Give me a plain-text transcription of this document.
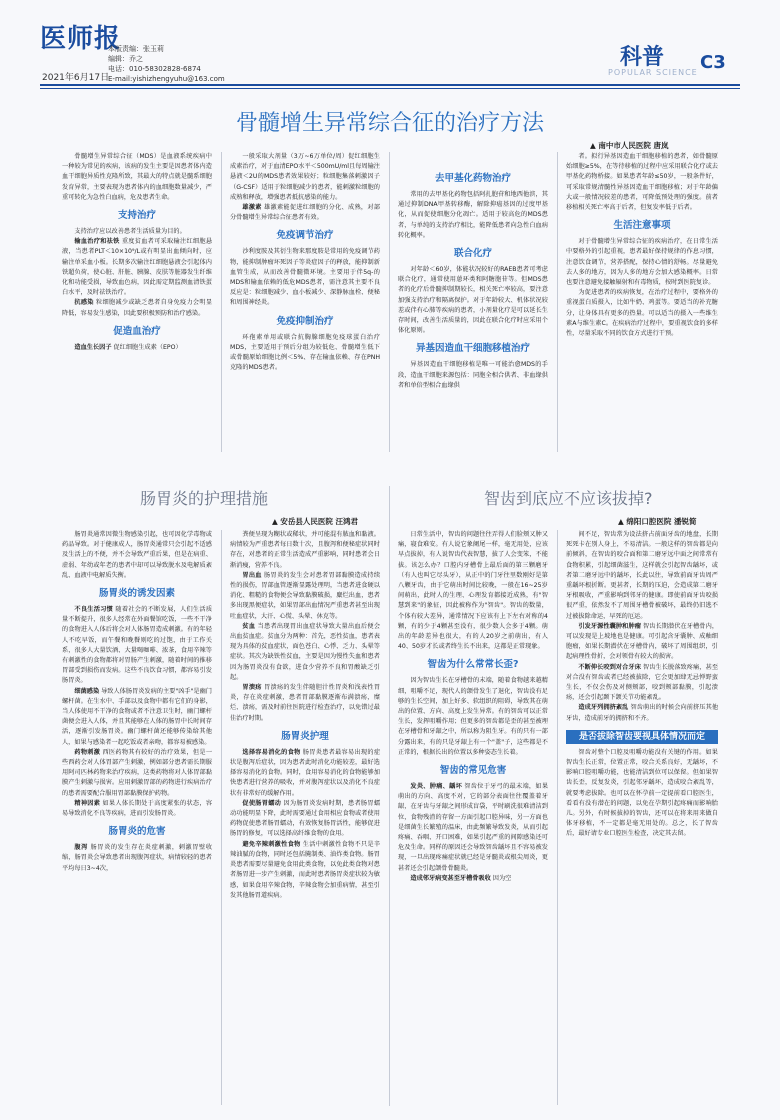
医师报
2021年6月17日
本版责编：张玉莉
编辑：乔之
电话：010-58302828-6874
E-mail:yishizhengyuhu@163.com
科普
POPULAR SCIENCE C3
骨髓增生异常综合征的治疗方法
▲ 南中市人民医院 唐岚

骨髓增生异常综合征（MDS）是血液系统疾病中一种较为常见的疾病，该病的发生主要是因患者体内造血干细胞异质性克隆所致，其最大的特点就是髓系细胞发育异常，主要表现为患者体内的血细胞数量减少，严重可转化为急性白血病，危及患者生命。

支持治疗

支持治疗应以改善患者生活质量为目的。

输血治疗和祛铁 重度贫血者可采取输注红细胞悬液，当患者PLT＜10×10⁹/L或有明显出血倾向时，应输注单采血小板。长期多次输注红细胞悬液会引起体内铁超负荷，使心脏、肝脏、胰腺、皮肤等脏器发生纤维化和功能受损，导致血色病，因此需定期监测血清铁蛋白水平，及时祛铁治疗。

抗感染 粒细胞减少或缺乏患者自身免疫力会明显降低，容易发生感染，因此要积极预防和治疗感染。

促造血治疗

造血生长因子 促红细胞生成素（EPO）

一般采取大剂量（3万~6万单位/周）促红细胞生成素治疗，对于血清EPO水平＜500mU/ml且每周输注悬液＜2U的MDS患者效果较好；粒细胞集落刺激因子（G-CSF）适用于粒细胞减少的患者，能刺激粒细胞的成熟和释放，增强患者抵抗感染的能力。

雄激素 雄激素能促进红细胞的分化、成熟，对部分骨髓增生异常综合征患者有效。

免疫调节治疗

沙利度胺及其衍生物来那度胺是常用的免疫调节药物，能抑制肿瘤坏死因子等炎症因子的释放，能抑制新血管生成，从而改善骨髓微环境。主要用于伴5q-的MDS和输血依赖的低危MDS患者，需注意其主要不良反应是：粒细胞减少、血小板减少、深静脉血栓、便秘和周围神经炎。

免疫抑制治疗

环孢素单用或联合抗胸腺细胞免疫球蛋白治疗MDS，主要适用于预后分组为较低危、骨髓增生低下或骨髓原始细胞比例＜5%、存在输血依赖、存在PNH克隆的MDS患者。

去甲基化药物治疗

常用的去甲基化药物包括阿扎胞苷和地西他滨，其通过抑制DNA甲基转移酶，解除抑癌基因的过度甲基化，从而促使细胞分化凋亡。适用于较高危的MDS患者，与单纯的支持治疗相比，能降低患者向急性白血病转化概率。

联合化疗

对年龄＜60岁，体能状况较好的RAEB患者可考虑联合化疗，通常使用蒽环类和阿糖胞苷等。但MDS患者的化疗后骨髓抑制期较长，相关死亡率较高，要注意加强支持治疗和隔离保护。对于年龄较大、机体状况较差或伴有心肺等疾病的患者，小剂量化疗是可以延长生存时间，改善生活质量的，因此在联合化疗时应采用个体化原则。

异基因造血干细胞移植治疗

异基因造血干细胞移植是唯一可能治愈MDS的手段，造血干细胞来源包括：同胞全相合供者、非血缘供者和单倍型相合血缘供

者。拟行异基因造血干细胞移植的患者，如骨髓原始细胞≥5%，在等待移植的过程中应采用联合化疗或去甲基化药物桥接。如果患者年龄≤50岁，一般条件好，可采取常规清髓性异基因造血干细胞移植；对于年龄偏大或一般情况较差的患者，可降低预处理的强度。前者移植相关死亡率高于后者，但复发率低于后者。

生活注意事项

对于骨髓增生异常综合征的疾病治疗，在日常生活中要格外的引起重视，患者最好保持规律的作息习惯，注意饮食调节，营养搭配，保持心情的舒畅。尽量避免去人多的地方，因为人多的地方会加大感染概率。日常也要注意避免接触辐射和有毒物质，按时到医院复诊。

为促进患者的疾病恢复，在治疗过程中，要格外的重视蛋白质摄入，比如牛奶、鸡蛋等。要适当的补充糖分，让身体具有更多的热量。可以适当的摄入一些维生素A与维生素C。在疾病治疗过程中，要重视饮食的多样性，尽量采取不同的饮食方式进行干预。

肠胃炎的护理措施
▲ 安岳县人民医院 汪鸿君

肠胃炎通常因微生物感染引起，也可因化学毒物或药品导致。对于健康成人，肠胃炎通常只会引起不适感及生活上的不便，并不会导致严重后果，但是在病重、虚弱、年幼或年老的患者中却可以导致脱水及电解质紊乱、血液中电解质失衡。

肠胃炎的诱发因素

不良生活习惯 随着社会的不断发展，人们生活质量不断提升，很多人经常在外面餐馆吃饭，一些不干净的食物进入人体后将会对人体肠胃造成刺激。有的年轻人不吃早饭，而午餐和晚餐则吃的过饱，由于工作关系，很多人大量饮酒、大量喝咖啡、浓茶，食用辛辣等有刺激性的食物都将对胃肠产生刺激，随着时间的推移胃部受到损伤而发病。这些不良饮食习惯，都容易引发肠胃炎。

细菌感染 导致人体肠胃炎发病的主要"凶手"是幽门螺杆菌。在生水中、手部以及食物中都有它们的身影，当人体使用不干净的食物或者不注意卫生时，幽门螺杆菌便会进入人体，并且其能够在人体的肠胃中长时间存活，逐渐引发肠胃炎。幽门螺杆菌还能够传染给其他人，如果与感染者一起吃饭或者亲吻，都容易被感染。

药物刺激 西医药物其有较好的治疗效果，但是一些西药会对人体胃部产生刺激，例如部分患者需长期服用阿司匹林药物来治疗疾病，这类药物将对人体胃部黏膜产生刺激与损害。应用刺激胃部的药物进行疾病治疗的患者需要配合服用胃部黏膜保护药物。

精神因素 如果人体长期处于高度紧张的状态，容易导致消化不良等疾病，进而引发肠胃炎。

肠胃炎的危害

腹泻 肠胃炎的发生存在炎症刺激，刺激胃壁收缩，肠胃炎会导致患者出现腹泻症状，病情较轻的患者平均每日3~4次，

粪便呈现为糊状或稀状，并可能混有脓血和黏液。病情较为严重患者每日数十次，且腹泻和便秘症状同时存在，对患者的正常生活造成严重影响，同时患者会日渐消瘦，营养不良。

胃出血 肠胃炎的发生会对患者胃部黏膜造成持续性的损伤，胃部血管逐渐显露处理明，当患者进食硬以消化、粗糙的食物便会导致黏膜破损，麋烂出血，患者多出现黑便症状，如果胃部出血情况严重患者甚至出现吐血症状，大汗、心慌、头晕、休克等。

贫血 当患者出现胃出血症状导致大量出血后便会出血贫血症。贫血分为两种：首先，恶性贫血，患者表现为具体的贫血症状，面色苍白、心悸、乏力、头晕等症状。其次为缺铁性贫血，主要是因为慢性失血和患者因为肠胃炎没有食欲，进食少营养不良和胃酸缺乏引起。

胃溃疡 胃溃疡的发生伴随胆汁性胃炎和浅表性胃炎，存在炎症刺激，患者胃部黏膜逐渐布满溃疡，糜烂、溃疡，需及时前往医院进行检查治疗，以免错过最佳治疗时期。

肠胃炎护理

选择容易消化的食物 肠胃炎患者最容易出现的症状是腹泻后症状，因为患者此时消化功能较差，最好选择容易消化的食物。同时，食用容易消化的食物能够加快患者进行营养的吸收，并对腹泻症状以及消化不良症状有非常好的缓解作用。

促使肠胃蠕动 因为肠胃炎发病时期，患者肠胃蠕动功能明显下降，此时需要通过食用相应食物或者使用药物促使患者肠胃蠕动，有效恢复肠胃活性，能够促进肠胃的修复，可以选择高纤维食物的食用。

避免辛辣刺激性食物 生活中刺激性食物不只是辛辣油腻的食物，同时还包括腌制类、油炸类食物。肠胃炎患者需要尽量避免食用此类食物，以免此类食物对患者肠胃进一步产生刺激，而此时患者肠胃炎症状较为敏感，如果食用辛辣食物，辛辣食物会加重病情，甚至引发其他肠胃道疾病。

智齿到底应不应该拔掉?
▲ 绵阳口腔医院 潘锐简

日常生活中，智齿的问题往往弄得人们脸颊又肿又痛，寝食难安。有人说它象阑尾一样，毫无用处，应该早点拔掉，有人说智齿代表智慧，拔了人会变笨，不能拔。该怎么办？口腔内牙槽骨上最后面的第三颗磨牙（有人也叫它尽头牙），从正中的门牙往里数刚好是第八颗牙齿，由于它萌出时间比较晚，一般在16~25岁间萌出，此时人的生理、心理发育都接近成熟，有"智慧到来"的象征，因此被称作为"智齿"。智齿的数量，个体有较大差异，通常情况下应该有上下左右对称的4颗，有的少于4颗甚至没有，很少数人会多于4颗。萌出的年龄差异也很大，有的人20岁之前萌出，有人40、50岁才长或者终生长不出来，这都是正常现象。

智齿为什么常常长歪?

因为智齿生长在牙槽骨的末端，随着食物越来越精细，咀嚼不足，现代人的颌骨发生了退化，智齿没有足够的生长空间，加上好多、软组织的阻碍，导致其在萌出的位置、方向、高度上发生异常。有的智齿可以正常生长，发挥咀嚼作用；但更多的智齿都是歪的甚至被埋在牙槽骨和牙龈之中，所以称为阻生牙。有的只有一部分露出来，有的只是牙龈上有一个"盖"子，这些都是不正常的，根据长出的位置以多种姿态生长着。

智齿的常见危害

发炎、肿痛、龋坏 智齿位于牙弓的最末端，如果萌出的方向、高度不对，它的部分表面往往覆盖着牙龈，在牙齿与牙龈之间形成盲袋，平时刷洗很难清洁到位，食物残渣的存留一方面引起口腔异味，另一方面也是细菌生长繁殖的温床，由此频繁导致发炎，从而引起疼痛、吞咽、开口困难，如果引起严重的间隙感染还可危及生命。同样的原因还会导致智齿龋坏且不容易被发现，一旦出现疼痛症状就已经是牙髓炎或根尖周炎，更甚者还会引起颌骨骨髓炎。

造成邻牙病变甚至牙槽骨吸收 因为空

间不足，智齿常为设法挤占前面牙齿的地盘，长期死死卡在别人身上，不易清洁。一般这样的智齿都是向前倾斜，在智齿的咬合面和第二磨牙远中面之间常常有食物积累，引起细菌滋生，这样就会引起智齿龋坏，或者第二磨牙远中的龋坏，长此以往，导致前面牙齿周严重龋坏根折断。更甚者，长期的压迫，会造成第二磨牙牙根吸收，严重影响到邻牙的健康。即使前面牙齿咬损很严重，依然发不了周围牙槽骨被破坏，最终仍旧逃不过被拔除命运，早死的厄运。

引发牙源性囊肿和肿瘤 智齿长期潜伏在牙槽骨内，可以发现是上坡地也是健康。可引起含牙囊肿、成釉细胞瘤，如果长期潜伏在牙槽骨内，破坏了周围组织，引起病理性骨折，会对领骨有较大的损害。

不断伸长咬到对合牙床 智齿生长脱落致疼痛，甚至对合没有智齿或者已经被拔除，它会更加肆无忌惮野蛮生长，不仅会伤及对侧颊部，咬到颊部黏膜，引起溃疡，还会引起颞下颌关节功能紊乱。

造成牙列拥挤紊乱 智齿萌出的时候会向前挤压其他牙齿，造成前牙的拥挤和不齐。

是否拔除智齿要视具体情况而定

智齿对整个口腔及咀嚼功能没有关键的作用。如果智齿生长正常，位置正常，咬合关系良好，无龋坏，不影响口腔咀嚼功能，也能清洁到位可以保留。但如果智齿长歪，反复发炎，引起邻牙龋坏，造成咬合紊乱等，就要考虑拔除。也可以在怀孕前一定提前看口腔医生，看看有没有潜在的问题，以免在孕期引起疼痛而影响胎儿。另外，有时候拔掉的智齿，还可以在将来用来做自体牙移植，不一定都是毫无用处的。总之，长了智齿后，最好请专业口腔医生检查，决定其去留。
